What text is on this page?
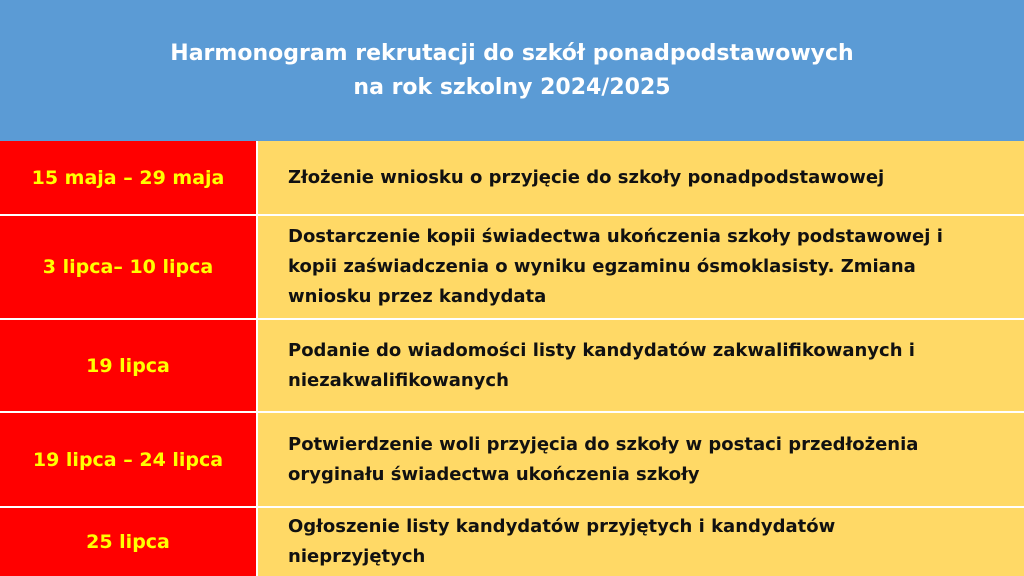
Harmonogram rekrutacji do szkół ponadpodstawowych
na rok szkolny 2024/2025
15 maja – 29 maja	Złożenie wniosku o przyjęcie do szkoły ponadpodstawowej
3 lipca– 10 lipca
Dostarczenie kopii świadectwa ukończenia szkoły podstawowej i kopii zaświadczenia o wyniku egzaminu ósmoklasisty. Zmiana wniosku przez kandydata
19 lipca
Podanie do wiadomości listy kandydatów zakwalifikowanych i niezakwalifikowanych
19 lipca – 24 lipca
Potwierdzenie woli przyjęcia do szkoły w postaci przedłożenia oryginału świadectwa ukończenia szkoły
25 lipca
Ogłoszenie listy kandydatów przyjętych i kandydatów nieprzyjętych
